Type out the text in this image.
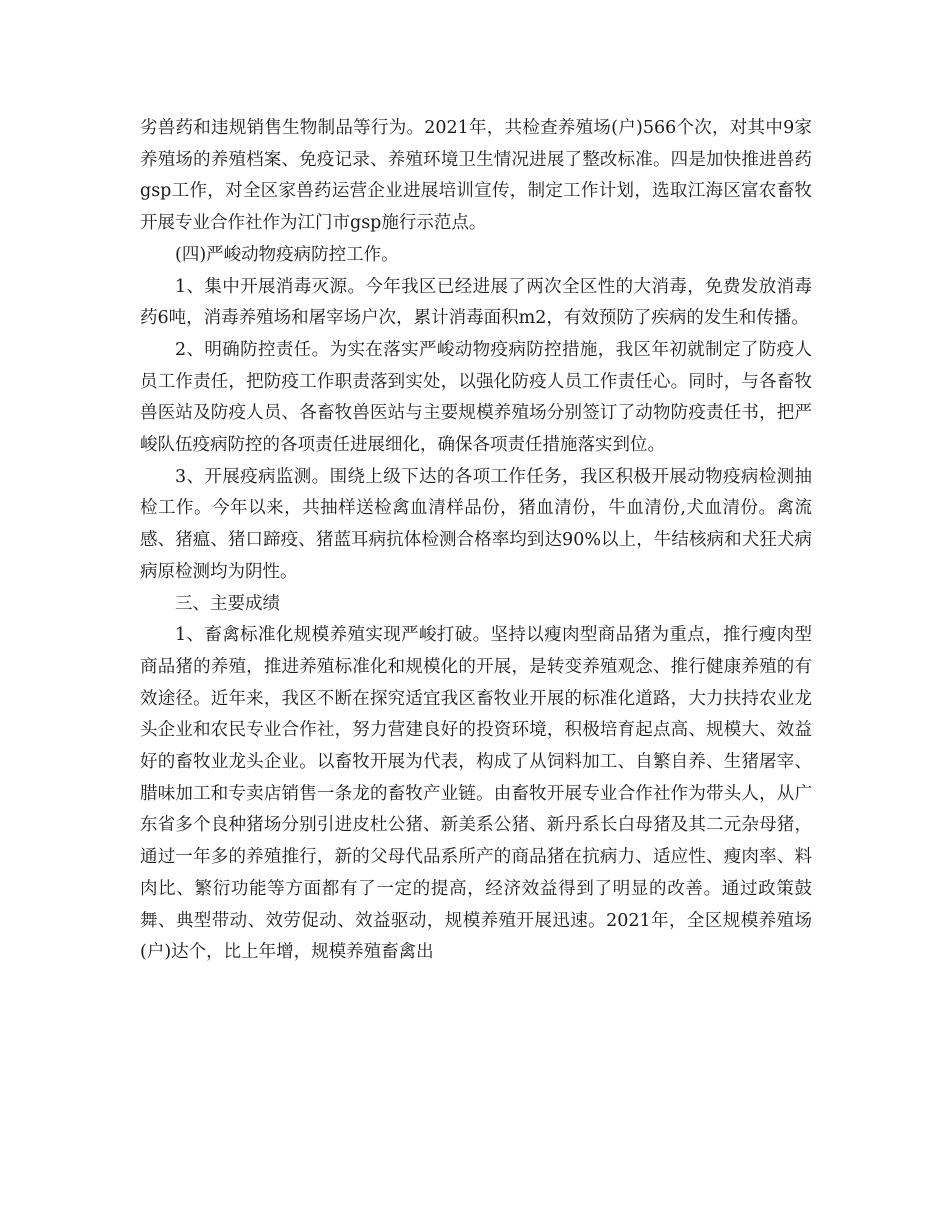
劣兽药和违规销售生物制品等行为。2021年，共检查养殖场(户)566个次，对其中9家养殖场的养殖档案、免疫记录、养殖环境卫生情况进展了整改标准。四是加快推进兽药gsp工作，对全区家兽药运营企业进展培训宣传，制定工作计划，选取江海区富农畜牧开展专业合作社作为江门市gsp施行示范点。

(四)严峻动物疫病防控工作。

1、集中开展消毒灭源。今年我区已经进展了两次全区性的大消毒，免费发放消毒药6吨，消毒养殖场和屠宰场户次，累计消毒面积m2，有效预防了疾病的发生和传播。

2、明确防控责任。为实在落实严峻动物疫病防控措施，我区年初就制定了防疫人员工作责任，把防疫工作职责落到实处，以强化防疫人员工作责任心。同时，与各畜牧兽医站及防疫人员、各畜牧兽医站与主要规模养殖场分别签订了动物防疫责任书，把严峻队伍疫病防控的各项责任进展细化，确保各项责任措施落实到位。

3、开展疫病监测。围绕上级下达的各项工作任务，我区积极开展动物疫病检测抽检工作。今年以来，共抽样送检禽血清样品份，猪血清份，牛血清份,犬血清份。禽流感、猪瘟、猪口蹄疫、猪蓝耳病抗体检测合格率均到达90%以上，牛结核病和犬狂犬病病原检测均为阴性。

三、主要成绩

1、畜禽标准化规模养殖实现严峻打破。坚持以瘦肉型商品猪为重点，推行瘦肉型商品猪的养殖，推进养殖标准化和规模化的开展，是转变养殖观念、推行健康养殖的有效途径。近年来，我区不断在探究适宜我区畜牧业开展的标准化道路，大力扶持农业龙头企业和农民专业合作社，努力营建良好的投资环境，积极培育起点高、规模大、效益好的畜牧业龙头企业。以畜牧开展为代表，构成了从饲料加工、自繁自养、生猪屠宰、腊味加工和专卖店销售一条龙的畜牧产业链。由畜牧开展专业合作社作为带头人，从广东省多个良种猪场分别引进皮杜公猪、新美系公猪、新丹系长白母猪及其二元杂母猪，通过一年多的养殖推行，新的父母代品系所产的商品猪在抗病力、适应性、瘦肉率、料肉比、繁衍功能等方面都有了一定的提高，经济效益得到了明显的改善。通过政策鼓舞、典型带动、效劳促动、效益驱动，规模养殖开展迅速。2021年，全区规模养殖场(户)达个，比上年增，规模养殖畜禽出
